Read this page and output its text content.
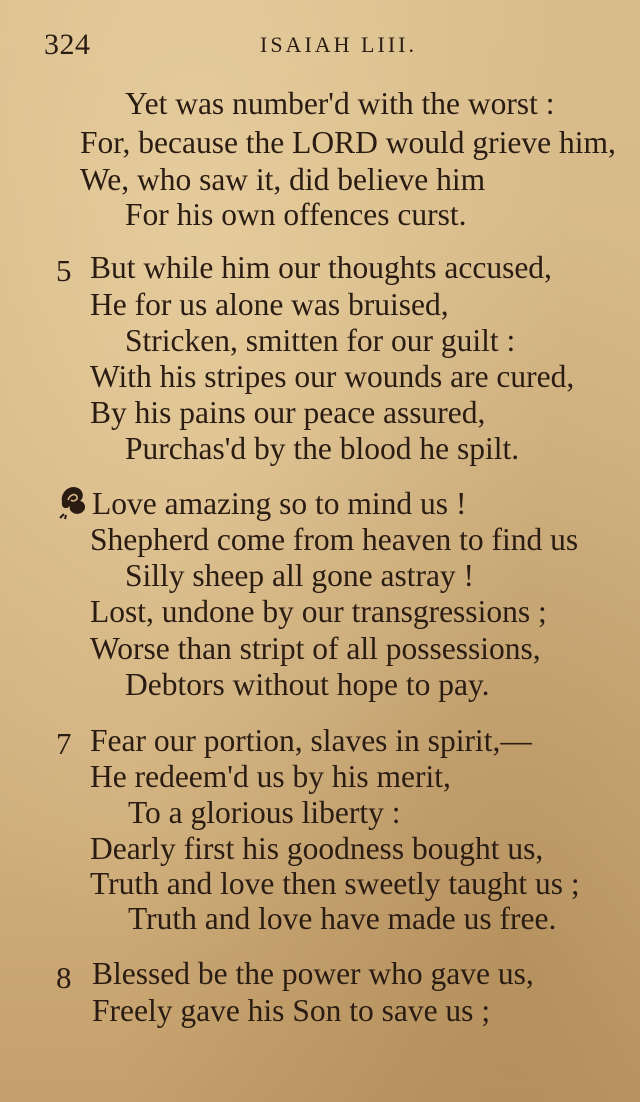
324	ISAIAH LIII.
Yet was number'd with the worst :
For, because the LORD would grieve him,
We, who saw it, did believe him
For his own offences curst.
5 But while him our thoughts accused,
He for us alone was bruised,
Stricken, smitten for our guilt :
With his stripes our wounds are cured,
By his pains our peace assured,
Purchas'd by the blood he spilt.
Love amazing so to mind us !
Shepherd come from heaven to find us
Silly sheep all gone astray !
Lost, undone by our transgressions ;
Worse than stript of all possessions,
Debtors without hope to pay.
7 Fear our portion, slaves in spirit,—
He redeem'd us by his merit,
To a glorious liberty :
Dearly first his goodness bought us,
Truth and love then sweetly taught us ;
Truth and love have made us free.
8 Blessed be the power who gave us,
Freely gave his Son to save us ;
